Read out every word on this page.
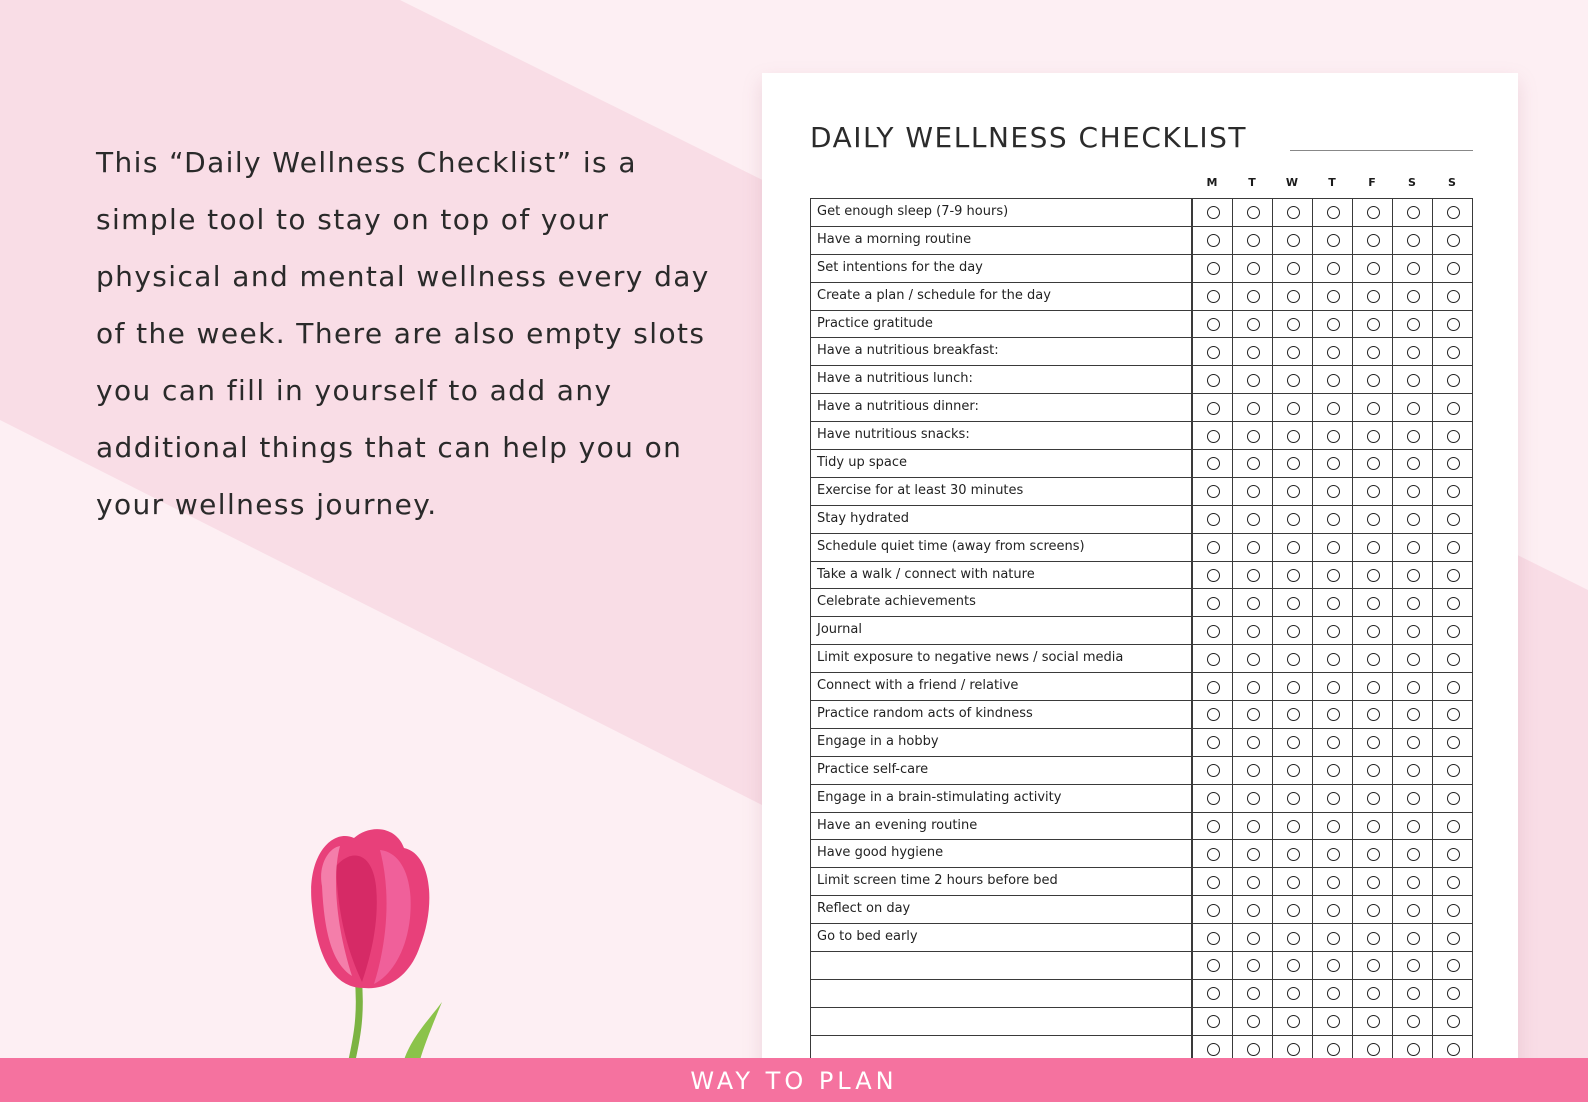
This “Daily Wellness Checklist” is a simple tool to stay on top of your physical and mental wellness every day of the week. There are also empty slots you can fill in yourself to add any additional things that can help you on your wellness journey.

DAILY WELLNESS CHECKLIST
M	T	W	T	F	S	S
Get enough sleep (7-9 hours)
Have a morning routine
Set intentions for the day
Create a plan / schedule for the day
Practice gratitude
Have a nutritious breakfast:
Have a nutritious lunch:
Have a nutritious dinner:
Have nutritious snacks:
Tidy up space
Exercise for at least 30 minutes
Stay hydrated
Schedule quiet time (away from screens)
Take a walk / connect with nature
Celebrate achievements
Journal
Limit exposure to negative news / social media
Connect with a friend / relative
Practice random acts of kindness
Engage in a hobby
Practice self-care
Engage in a brain-stimulating activity
Have an evening routine
Have good hygiene
Limit screen time 2 hours before bed
Reflect on day
Go to bed early
WAY TO PLAN
